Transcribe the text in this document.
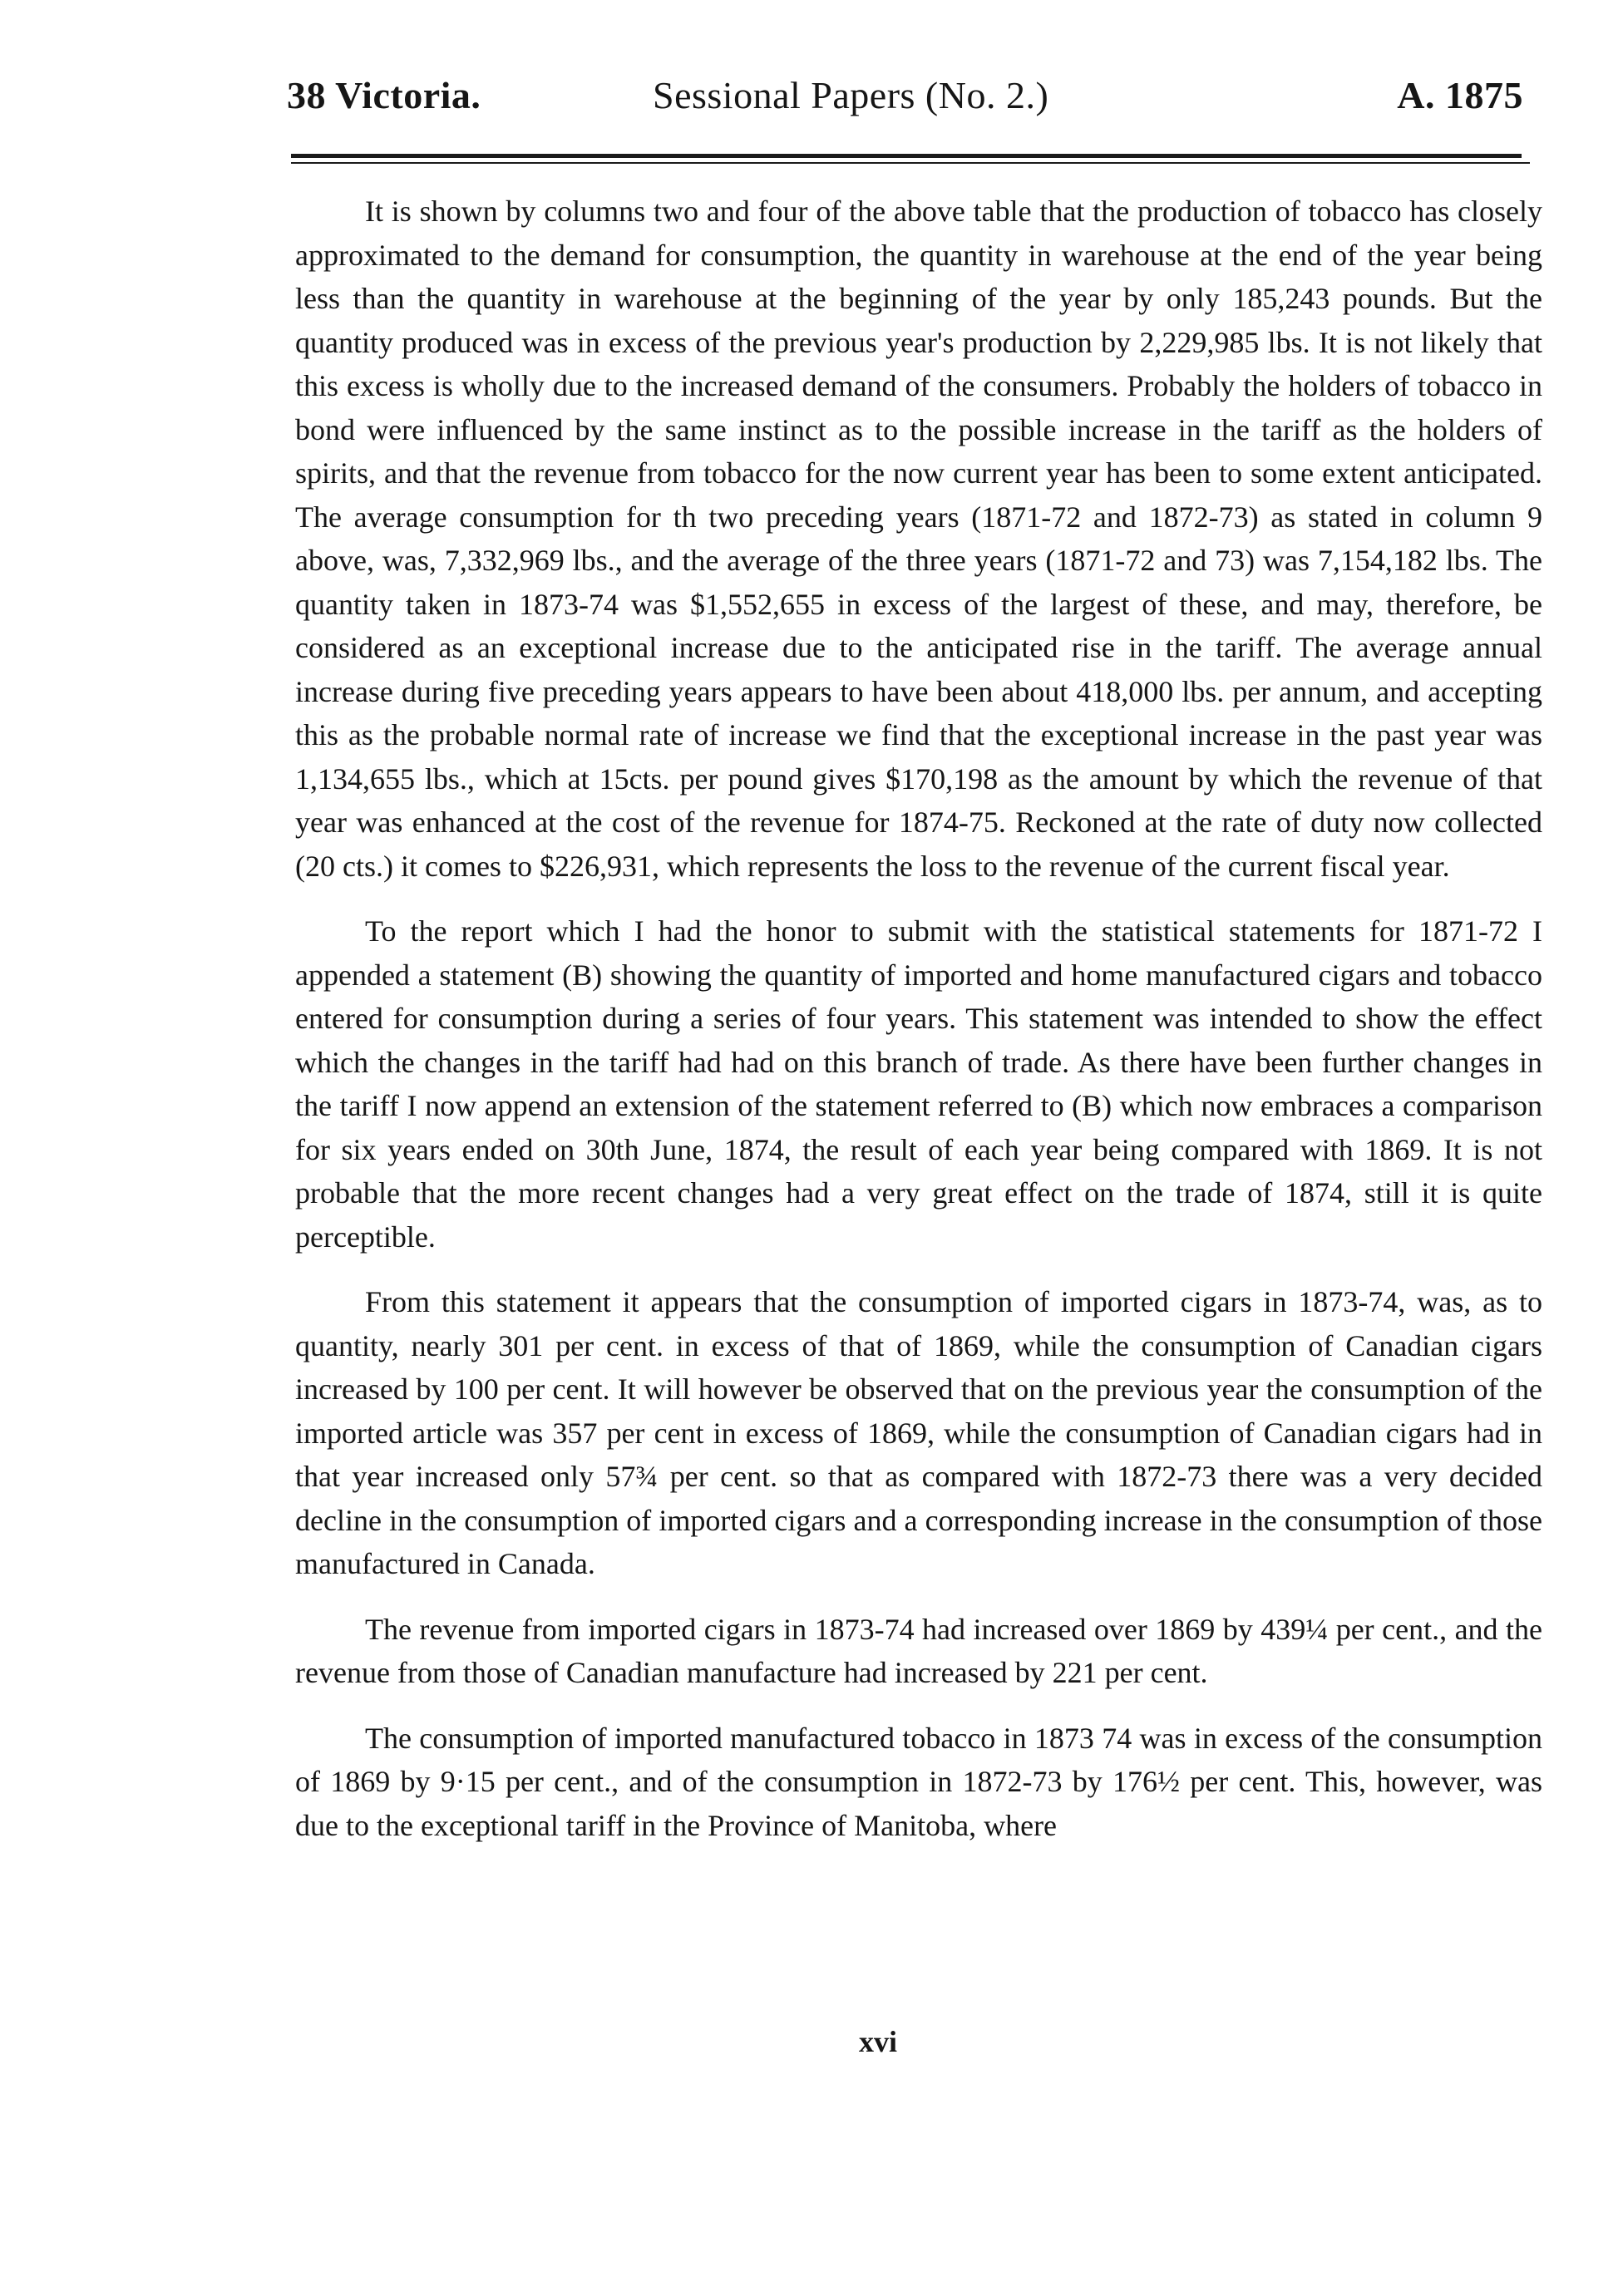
38 Victoria.	Sessional Papers (No. 2.)	A. 1875

It is shown by columns two and four of the above table that the production of tobacco has closely approximated to the demand for consumption, the quantity in warehouse at the end of the year being less than the quantity in warehouse at the beginning of the year by only 185,243 pounds. But the quantity produced was in excess of the previous year's production by 2,229,985 lbs. It is not likely that this excess is wholly due to the increased demand of the consumers. Probably the holders of tobacco in bond were influenced by the same instinct as to the possible increase in the tariff as the holders of spirits, and that the revenue from tobacco for the now current year has been to some extent anticipated. The average consumption for th two preceding years (1871-72 and 1872-73) as stated in column 9 above, was, 7,332,969 lbs., and the average of the three years (1871-72 and 73) was 7,154,182 lbs. The quantity taken in 1873-74 was $1,552,655 in excess of the largest of these, and may, therefore, be considered as an exceptional increase due to the anticipated rise in the tariff. The average annual increase during five preceding years appears to have been about 418,000 lbs. per annum, and accepting this as the probable normal rate of increase we find that the exceptional increase in the past year was 1,134,655 lbs., which at 15cts. per pound gives $170,198 as the amount by which the revenue of that year was enhanced at the cost of the revenue for 1874-75. Reckoned at the rate of duty now collected (20 cts.) it comes to $226,931, which represents the loss to the revenue of the current fiscal year.

To the report which I had the honor to submit with the statistical statements for 1871-72 I appended a statement (B) showing the quantity of imported and home manufactured cigars and tobacco entered for consumption during a series of four years. This statement was intended to show the effect which the changes in the tariff had had on this branch of trade. As there have been further changes in the tariff I now append an extension of the statement referred to (B) which now embraces a comparison for six years ended on 30th June, 1874, the result of each year being compared with 1869. It is not probable that the more recent changes had a very great effect on the trade of 1874, still it is quite perceptible.

From this statement it appears that the consumption of imported cigars in 1873-74, was, as to quantity, nearly 301 per cent. in excess of that of 1869, while the consumption of Canadian cigars increased by 100 per cent. It will however be observed that on the previous year the consumption of the imported article was 357 per cent in excess of 1869, while the consumption of Canadian cigars had in that year increased only 57¾ per cent. so that as compared with 1872-73 there was a very decided decline in the consumption of imported cigars and a corresponding increase in the consumption of those manufactured in Canada.

The revenue from imported cigars in 1873-74 had increased over 1869 by 439¼ per cent., and the revenue from those of Canadian manufacture had increased by 221 per cent.

The consumption of imported manufactured tobacco in 1873 74 was in excess of the consumption of 1869 by 9·15 per cent., and of the consumption in 1872-73 by 176½ per cent. This, however, was due to the exceptional tariff in the Province of Manitoba, where

xvi
